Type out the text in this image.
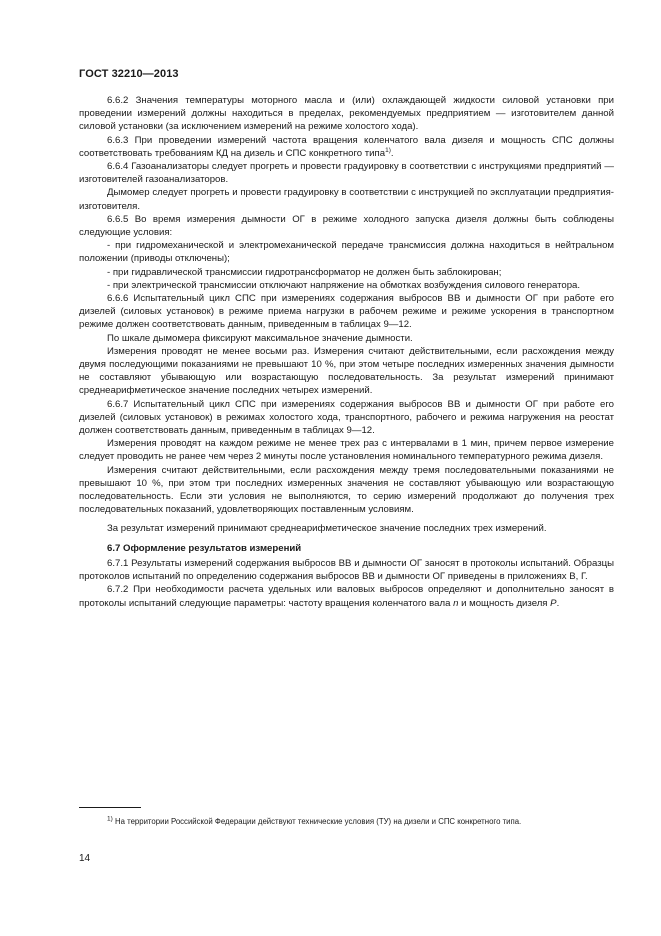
ГОСТ 32210—2013

6.6.2 Значения температуры моторного масла и (или) охлаждающей жидкости силовой установки при проведении измерений должны находиться в пределах, рекомендуемых предприятием — изготовителем данной силовой установки (за исключением измерений на режиме холостого хода).

6.6.3 При проведении измерений частота вращения коленчатого вала дизеля и мощность СПС должны соответствовать требованиям КД на дизель и СПС конкретного типа$^{1)}$.

6.6.4 Газоанализаторы следует прогреть и провести градуировку в соответствии с инструкциями предприятий — изготовителей газоанализаторов.

Дымомер следует прогреть и провести градуировку в соответствии с инструкцией по эксплуатации предприятия-изготовителя.

6.6.5 Во время измерения дымности ОГ в режиме холодного запуска дизеля должны быть соблюдены следующие условия:

- при гидромеханической и электромеханической передаче трансмиссия должна находиться в нейтральном положении (приводы отключены);

- при гидравлической трансмиссии гидротрансформатор не должен быть заблокирован;

- при электрической трансмиссии отключают напряжение на обмотках возбуждения силового генератора.

6.6.6 Испытательный цикл СПС при измерениях содержания выбросов ВВ и дымности ОГ при работе его дизелей (силовых установок) в режиме приема нагрузки в рабочем режиме и режиме ускорения в транспортном режиме должен соответствовать данным, приведенным в таблицах 9—12.

По шкале дымомера фиксируют максимальное значение дымности.

Измерения проводят не менее восьми раз. Измерения считают действительными, если расхождения между двумя последующими показаниями не превышают 10 %, при этом четыре последних измеренных значения дымности не составляют убывающую или возрастающую последовательность. За результат измерений принимают среднеарифметическое значение последних четырех измерений.

6.6.7 Испытательный цикл СПС при измерениях содержания выбросов ВВ и дымности ОГ при работе его дизелей (силовых установок) в режимах холостого хода, транспортного, рабочего и режима нагружения на реостат должен соответствовать данным, приведенным в таблицах 9—12.

Измерения проводят на каждом режиме не менее трех раз с интервалами в 1 мин, причем первое измерение следует проводить не ранее чем через 2 минуты после установления номинального температурного режима дизеля.

Измерения считают действительными, если расхождения между тремя последовательными показаниями не превышают 10 %, при этом три последних измеренных значения не составляют убывающую или возрастающую последовательность. Если эти условия не выполняются, то серию измерений продолжают до получения трех последовательных показаний, удовлетворяющих поставленным условиям.

За результат измерений принимают среднеарифметическое значение последних трех измерений.

6.7 Оформление результатов измерений

6.7.1 Результаты измерений содержания выбросов ВВ и дымности ОГ заносят в протоколы испытаний. Образцы протоколов испытаний по определению содержания выбросов ВВ и дымности ОГ приведены в приложениях В, Г.

6.7.2 При необходимости расчета удельных или валовых выбросов определяют и дополнительно заносят в протоколы испытаний следующие параметры: частоту вращения коленчатого вала n и мощность дизеля P.

$^{1)}$ На территории Российской Федерации действуют технические условия (ТУ) на дизели и СПС конкретного типа.
14
